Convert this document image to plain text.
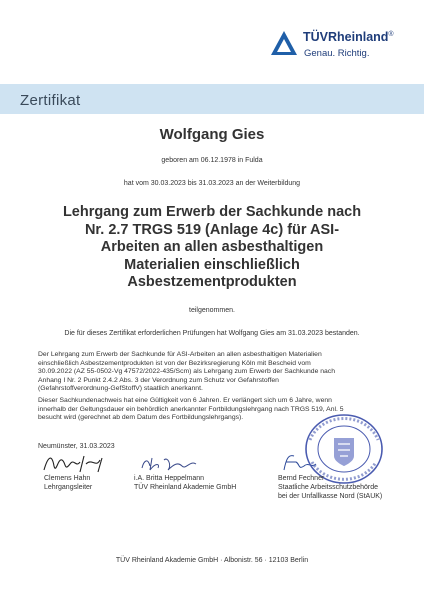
TÜVRheinland®
Genau. Richtig.
Zertifikat
Wolfgang Gies
geboren am 06.12.1978 in Fulda
hat vom 30.03.2023 bis 31.03.2023 an der Weiterbildung
Lehrgang zum Erwerb der Sachkunde nach
Nr. 2.7 TRGS 519 (Anlage 4c) für ASI-
Arbeiten an allen asbesthaltigen
Materialien einschließlich
Asbestzementprodukten
teilgenommen.
Die für dieses Zertifikat erforderlichen Prüfungen hat Wolfgang Gies am 31.03.2023 bestanden.
Der Lehrgang zum Erwerb der Sachkunde für ASI-Arbeiten an allen asbesthaltigen Materialien
einschließlich Asbestzementprodukten ist von der Bezirksregierung Köln mit Bescheid vom
30.09.2022 (AZ 55-0502-Vg 47572/2022-435/Scm) als Lehrgang zum Erwerb der Sachkunde nach
Anhang I Nr. 2 Punkt 2.4.2 Abs. 3 der Verordnung zum Schutz vor Gefahrstoffen
(Gefahrstoffverordnung-GefStoffV) staatlich anerkannt.
Dieser Sachkundenachweis hat eine Gültigkeit von 6 Jahren. Er verlängert sich um 6 Jahre, wenn
innerhalb der Geltungsdauer ein behördlich anerkannter Fortbildungslehrgang nach TRGS 519, Anl. 5
besucht wird (gerechnet ab dem Datum des Fortbildungslehrgangs).
Neumünster, 31.03.2023
Clemens Hahn
Lehrgangsleiter
i.A. Britta Heppelmann
TÜV Rheinland Akademie GmbH
Bernd Fechner
Staatliche Arbeitsschutzbehörde bei der Unfallkasse Nord (StAUK)
TÜV Rheinland Akademie GmbH · Albonistr. 56 · 12103 Berlin
